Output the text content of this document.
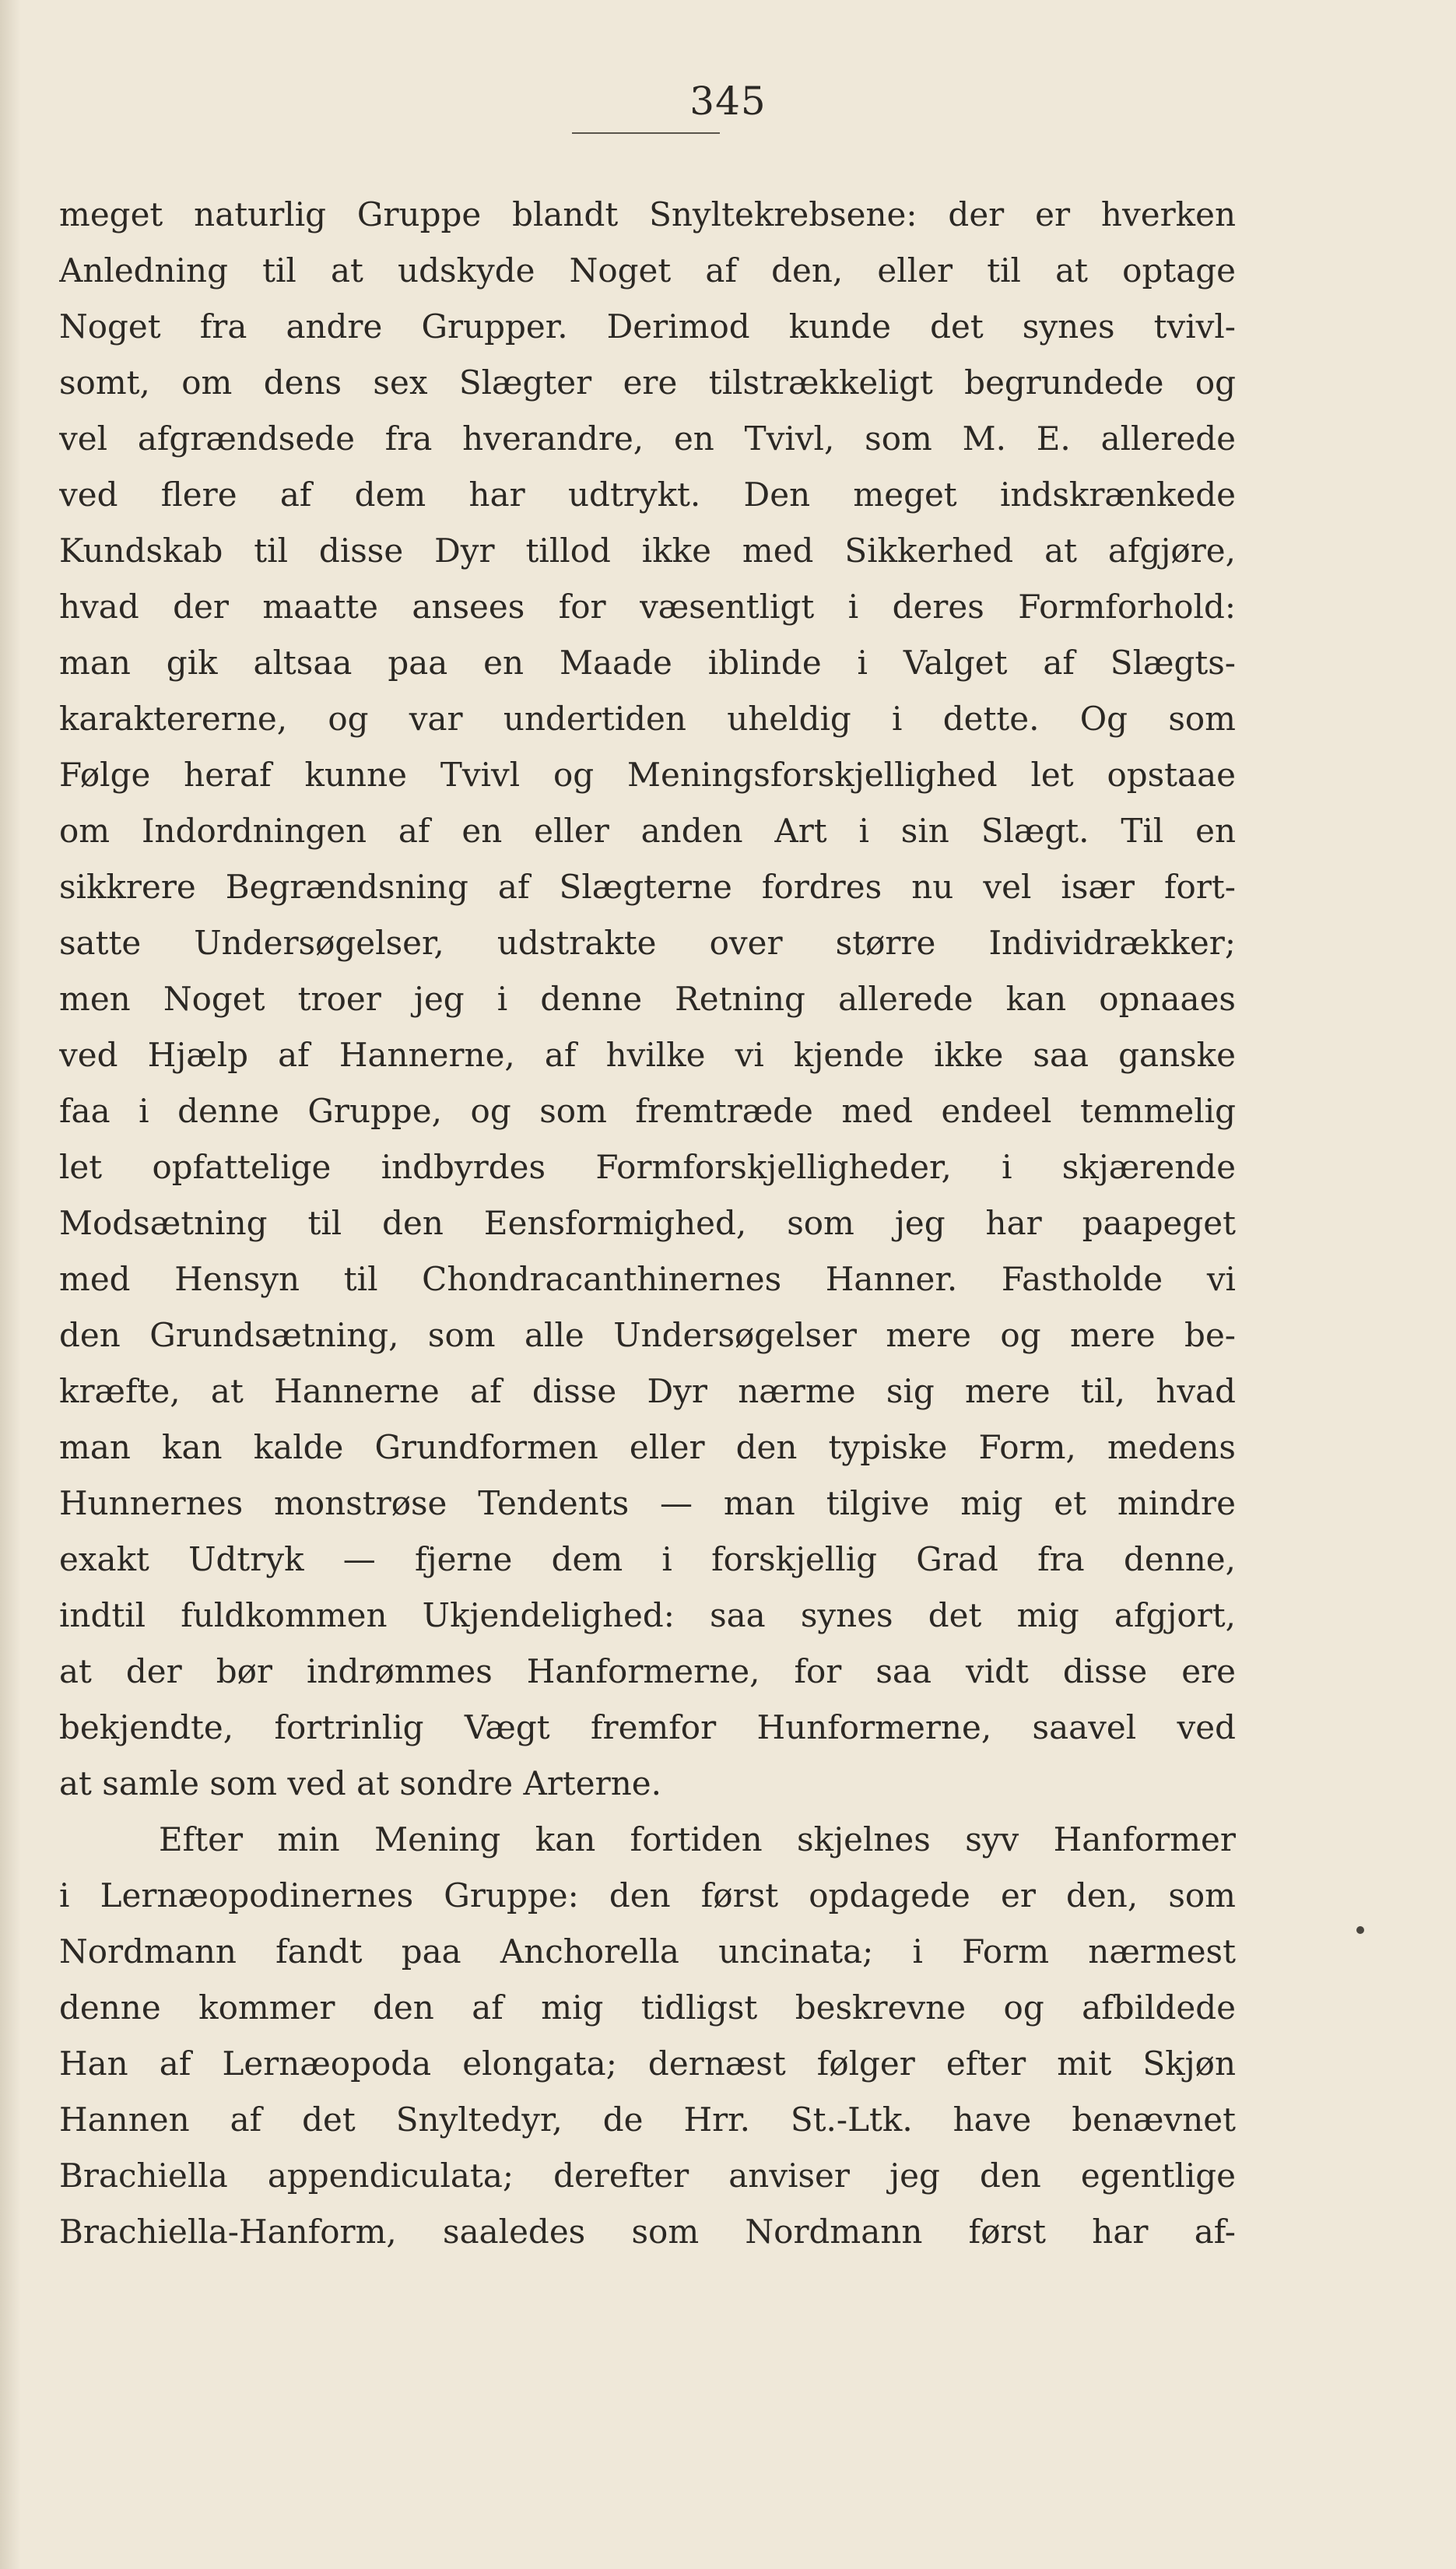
345
meget naturlig Gruppe blandt Snyltekrebsene: der er hverken
Anledning til at udskyde Noget af den, eller til at optage
Noget fra andre Grupper. Derimod kunde det synes tvivl-
somt, om dens sex Slægter ere tilstrækkeligt begrundede og
vel afgrændsede fra hverandre, en Tvivl, som M. E. allerede
ved flere af dem har udtrykt. Den meget indskrænkede
Kundskab til disse Dyr tillod ikke med Sikkerhed at afgjøre,
hvad der maatte ansees for væsentligt i deres Formforhold:
man gik altsaa paa en Maade iblinde i Valget af Slægts-
karaktererne, og var undertiden uheldig i dette. Og som
Følge heraf kunne Tvivl og Meningsforskjellighed let opstaae
om Indordningen af en eller anden Art i sin Slægt. Til en
sikkrere Begrændsning af Slægterne fordres nu vel især fort-
satte Undersøgelser, udstrakte over større Individrækker;
men Noget troer jeg i denne Retning allerede kan opnaaes
ved Hjælp af Hannerne, af hvilke vi kjende ikke saa ganske
faa i denne Gruppe, og som fremtræde med endeel temmelig
let opfattelige indbyrdes Formforskjelligheder, i skjærende
Modsætning til den Eensformighed, som jeg har paapeget
med Hensyn til Chondracanthinernes Hanner. Fastholde vi
den Grundsætning, som alle Undersøgelser mere og mere be-
kræfte, at Hannerne af disse Dyr nærme sig mere til, hvad
man kan kalde Grundformen eller den typiske Form, medens
Hunnernes monstrøse Tendents — man tilgive mig et mindre
exakt Udtryk — fjerne dem i forskjellig Grad fra denne,
indtil fuldkommen Ukjendelighed: saa synes det mig afgjort,
at der bør indrømmes Hanformerne, for saa vidt disse ere
bekjendte, fortrinlig Vægt fremfor Hunformerne, saavel ved
at samle som ved at sondre Arterne.
Efter min Mening kan fortiden skjelnes syv Hanformer
i Lernæopodinernes Gruppe: den først opdagede er den, som
Nordmann fandt paa Anchorella uncinata; i Form nærmest
denne kommer den af mig tidligst beskrevne og afbildede
Han af Lernæopoda elongata; dernæst følger efter mit Skjøn
Hannen af det Snyltedyr, de Hrr. St.-Ltk. have benævnet
Brachiella appendiculata; derefter anviser jeg den egentlige
Brachiella-Hanform, saaledes som Nordmann først har af-
